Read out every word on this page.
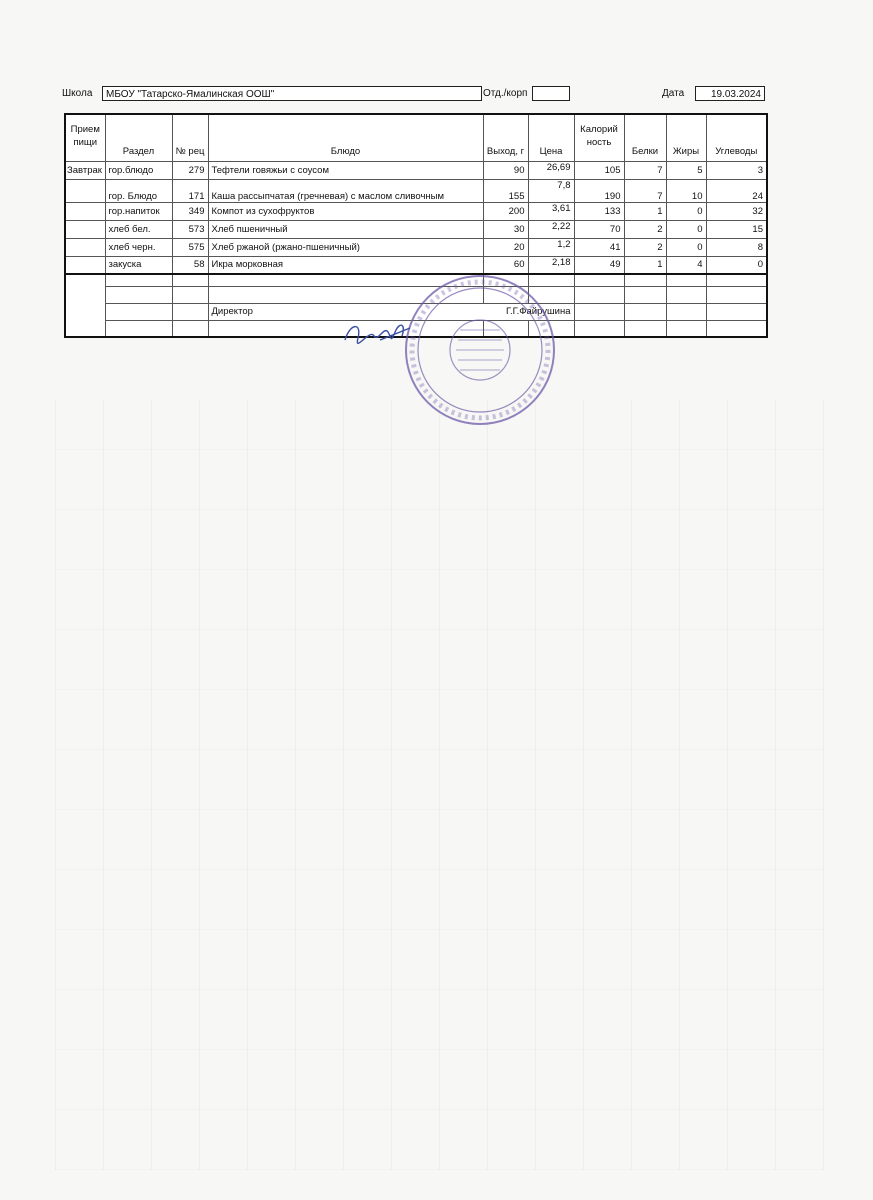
Школа	МБОУ "Татарско-Ямалинская ООШ"	Отд./корп	Дата	19.03.2024
Прием пищи	Раздел	№ рец	Блюдо	Выход, г	Цена	Калорий ность	Белки	Жиры	Углеводы
Завтрак	гор.блюдо	279	Тефтели говяжьи с соусом	90	26,69	105	7	5	3
	гор. Блюдо	171	Каша рассыпчатая (гречневая) с маслом сливочным	155	7,8	190	7	10	24
	гор.напиток	349	Компот из сухофруктов	200	3,61	133	1	0	32
	хлеб бел.	573	Хлеб пшеничный	30	2,22	70	2	0	15
	хлеб черн.	575	Хлеб ржаной (ржано-пшеничный)	20	1,2	41	2	0	8
	закуска	58	Икра морковная	60	2,18	49	1	4	0

			Директор Г.Г.Файрушина						
